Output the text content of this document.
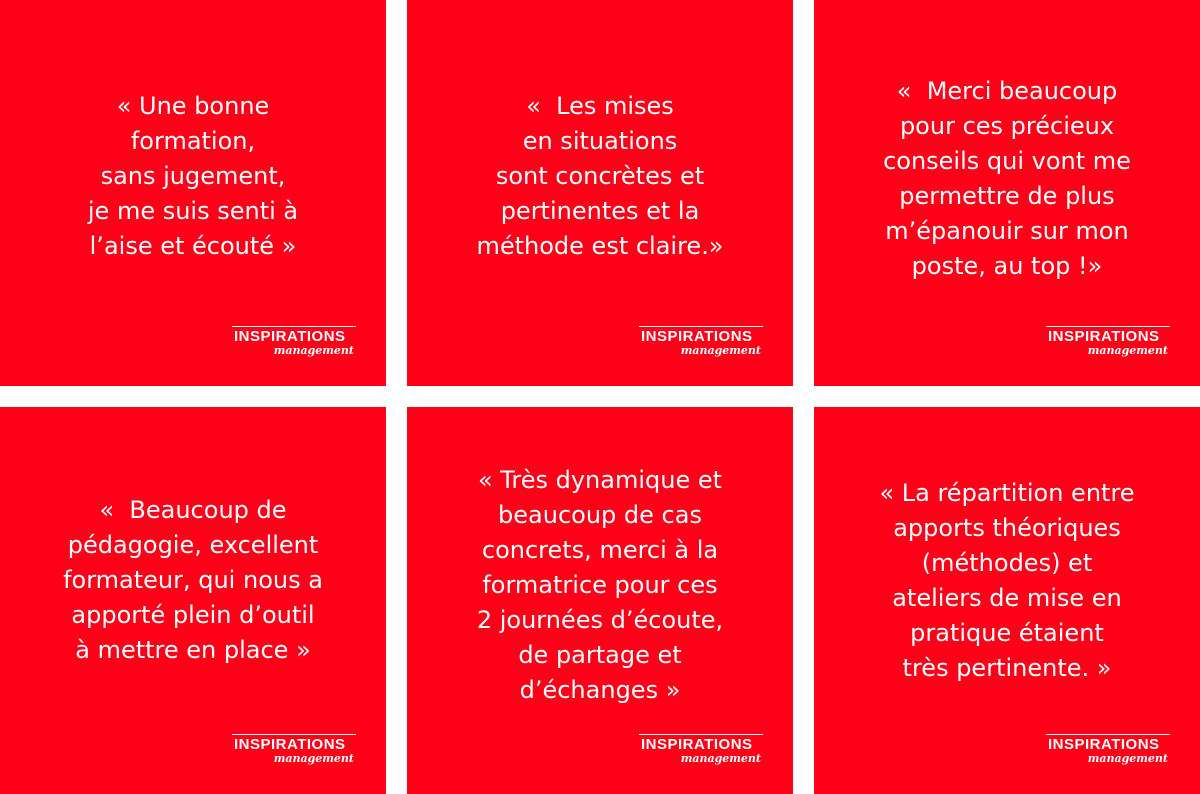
« Une bonne
formation,
sans jugement,
je me suis senti à
l’aise et écouté »
INSPIRATIONS
management
«  Les mises
en situations
sont concrètes et
pertinentes et la
méthode est claire.»
INSPIRATIONS
management
«  Merci beaucoup
pour ces précieux
conseils qui vont me
permettre de plus
m’épanouir sur mon
poste, au top !»
INSPIRATIONS
management
«  Beaucoup de
pédagogie, excellent
formateur, qui nous a
apporté plein d’outil
à mettre en place »
INSPIRATIONS
management
« Très dynamique et
beaucoup de cas
concrets, merci à la
formatrice pour ces
2 journées d’écoute,
de partage et
d’échanges »
INSPIRATIONS
management
« La répartition entre
apports théoriques
(méthodes) et
ateliers de mise en
pratique étaient
très pertinente. »
INSPIRATIONS
management
